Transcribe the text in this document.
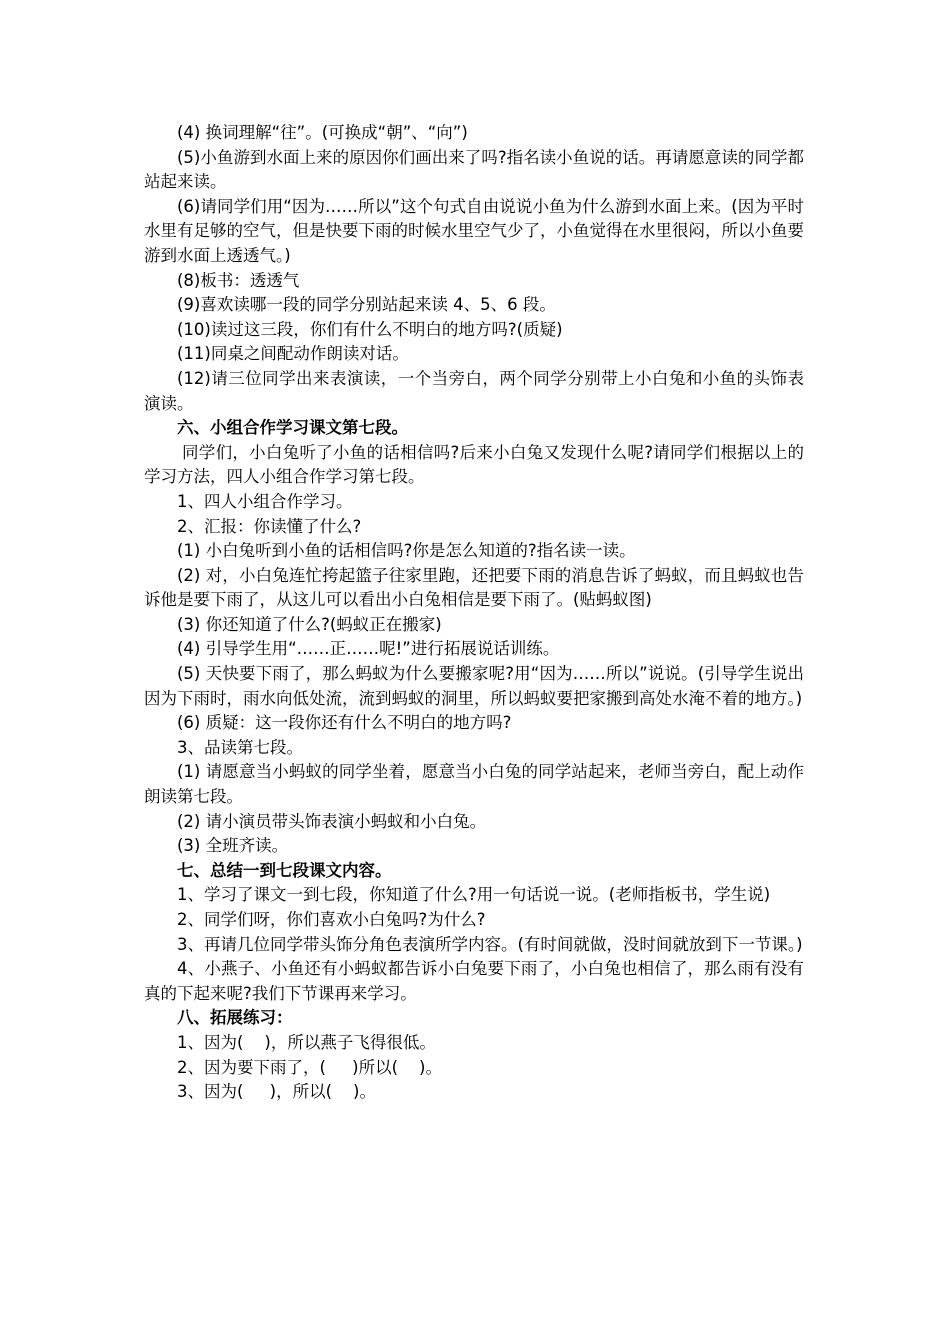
(4) 换词理解“往”。(可换成“朝”、“向”)

(5)小鱼游到水面上来的原因你们画出来了吗?指名读小鱼说的话。再请愿意读的同学都站起来读。

(6)请同学们用“因为……所以”这个句式自由说说小鱼为什么游到水面上来。(因为平时水里有足够的空气，但是快要下雨的时候水里空气少了，小鱼觉得在水里很闷，所以小鱼要游到水面上透透气。)

(8)板书：透透气

(9)喜欢读哪一段的同学分别站起来读 4、5、6 段。

(10)读过这三段，你们有什么不明白的地方吗?(质疑)

(11)同桌之间配动作朗读对话。

(12)请三位同学出来表演读，一个当旁白，两个同学分别带上小白兔和小鱼的头饰表演读。

六、小组合作学习课文第七段。

同学们，小白兔听了小鱼的话相信吗?后来小白兔又发现什么呢?请同学们根据以上的学习方法，四人小组合作学习第七段。

1、四人小组合作学习。

2、汇报：你读懂了什么?

(1) 小白兔听到小鱼的话相信吗?你是怎么知道的?指名读一读。

(2) 对，小白兔连忙挎起篮子往家里跑，还把要下雨的消息告诉了蚂蚁，而且蚂蚁也告诉他是要下雨了，从这儿可以看出小白兔相信是要下雨了。(贴蚂蚁图)

(3) 你还知道了什么?(蚂蚁正在搬家)

(4) 引导学生用“……正……呢!”进行拓展说话训练。

(5) 天快要下雨了，那么蚂蚁为什么要搬家呢?用“因为……所以”说说。(引导学生说出因为下雨时，雨水向低处流，流到蚂蚁的洞里，所以蚂蚁要把家搬到高处水淹不着的地方。)

(6) 质疑：这一段你还有什么不明白的地方吗?

3、品读第七段。

(1) 请愿意当小蚂蚁的同学坐着，愿意当小白兔的同学站起来，老师当旁白，配上动作朗读第七段。

(2) 请小演员带头饰表演小蚂蚁和小白兔。

(3) 全班齐读。

七、总结一到七段课文内容。

1、学习了课文一到七段，你知道了什么?用一句话说一说。(老师指板书，学生说)

2、同学们呀，你们喜欢小白兔吗?为什么?

3、再请几位同学带头饰分角色表演所学内容。(有时间就做，没时间就放到下一节课。)

4、小燕子、小鱼还有小蚂蚁都告诉小白兔要下雨了，小白兔也相信了，那么雨有没有真的下起来呢?我们下节课再来学习。

八、拓展练习：

1、因为(    )，所以燕子飞得很低。

2、因为要下雨了，(     )所以(    )。

3、因为(     )，所以(    )。
